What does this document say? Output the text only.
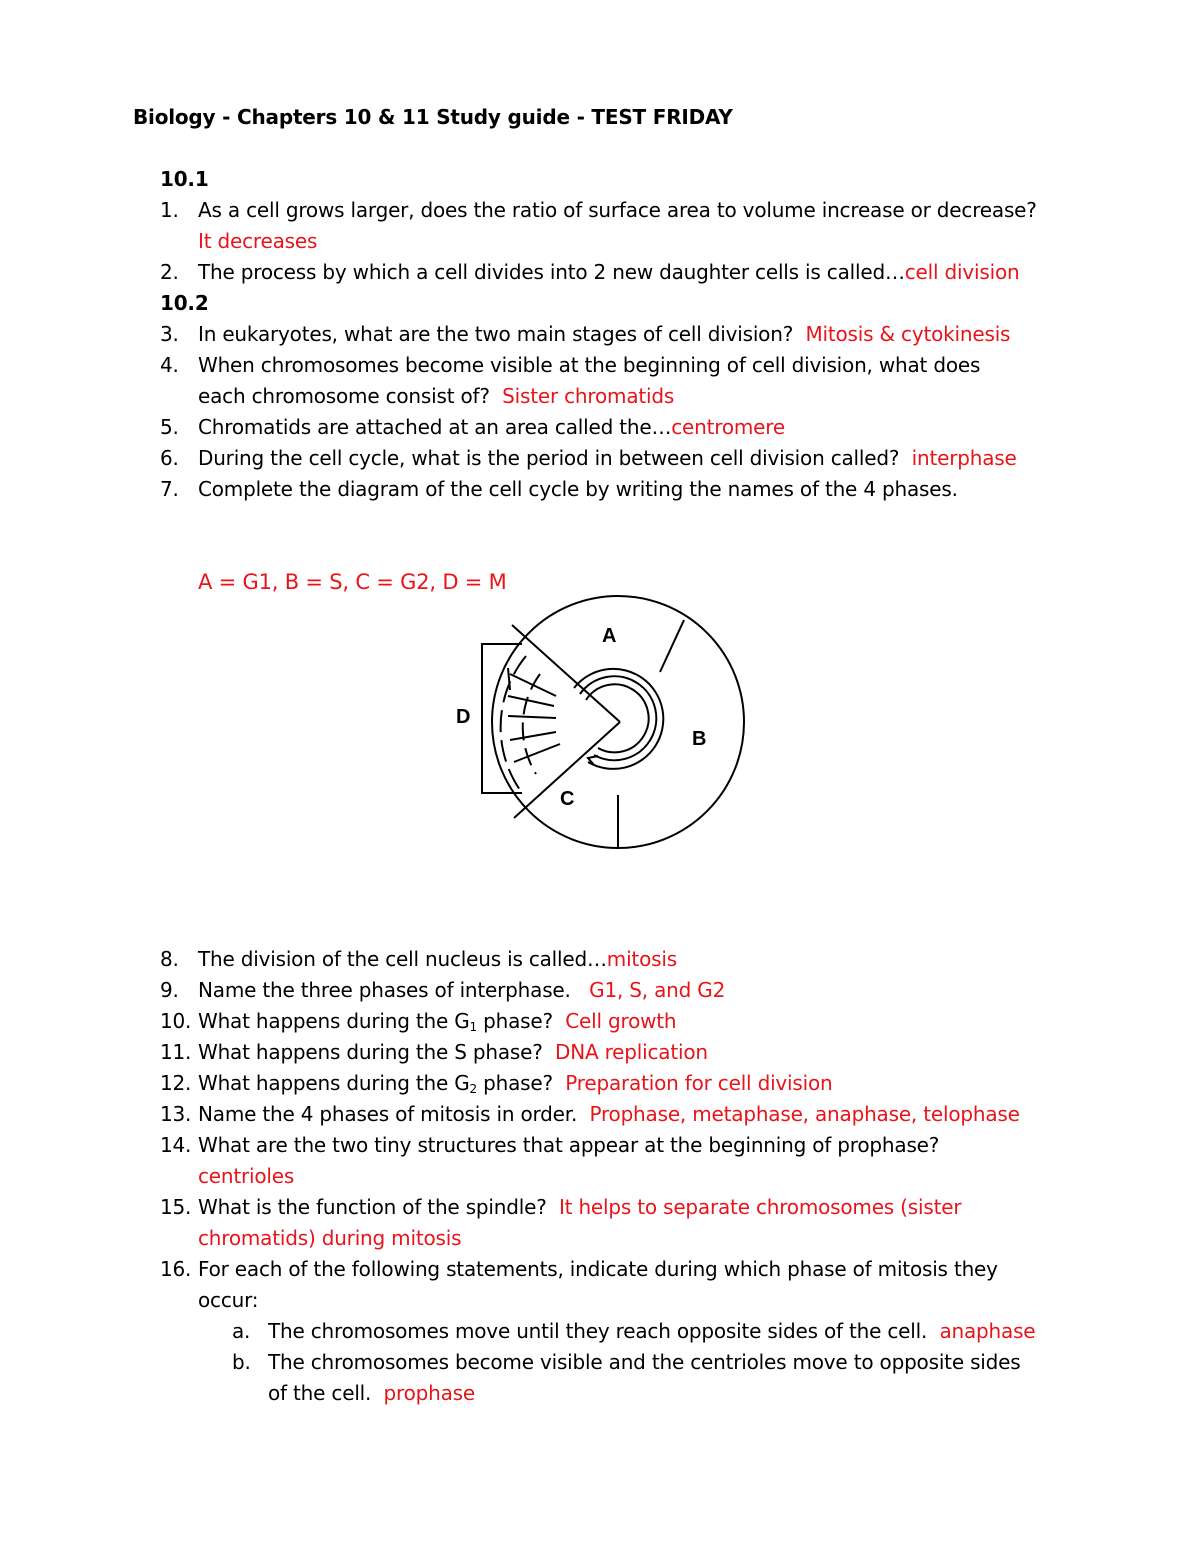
Biology - Chapters 10 & 11 Study guide - TEST FRIDAY
10.1
1. As a cell grows larger, does the ratio of surface area to volume increase or decrease?
It decreases
2. The process by which a cell divides into 2 new daughter cells is called…cell division
10.2
3. In eukaryotes, what are the two main stages of cell division? Mitosis & cytokinesis
4. When chromosomes become visible at the beginning of cell division, what does
each chromosome consist of? Sister chromatids
5. Chromatids are attached at an area called the…centromere
6. During the cell cycle, what is the period in between cell division called? interphase
7. Complete the diagram of the cell cycle by writing the names of the 4 phases.
A = G1, B = S, C = G2, D = M
A
B
C
D
8. The division of the cell nucleus is called…mitosis
9. Name the three phases of interphase. G1, S, and G2
10. What happens during the $G_1$ phase? Cell growth
11. What happens during the S phase? DNA replication
12. What happens during the $G_2$ phase? Preparation for cell division
13. Name the 4 phases of mitosis in order. Prophase, metaphase, anaphase, telophase
14. What are the two tiny structures that appear at the beginning of prophase?
centrioles
15. What is the function of the spindle? It helps to separate chromosomes (sister
chromatids) during mitosis
16. For each of the following statements, indicate during which phase of mitosis they
occur:
a. The chromosomes move until they reach opposite sides of the cell. anaphase
b. The chromosomes become visible and the centrioles move to opposite sides
of the cell. prophase
